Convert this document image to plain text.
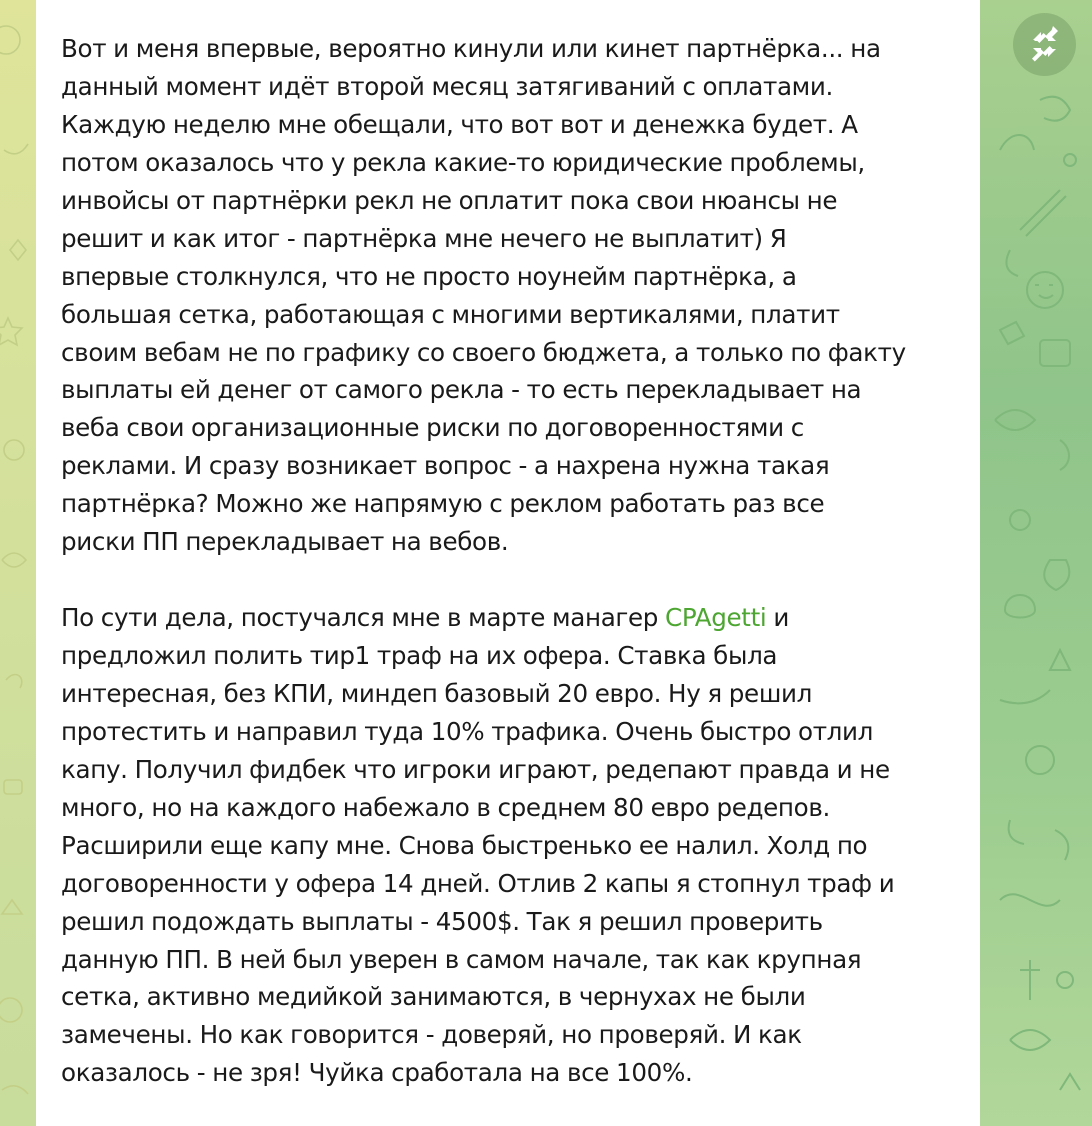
Вот и меня впервые, вероятно кинули или кинет партнёрка... на
данный момент идёт второй месяц затягиваний с оплатами.
Каждую неделю мне обещали, что вот вот и денежка будет. А
потом оказалось что у рекла какие-то юридические проблемы,
инвойсы от партнёрки рекл не оплатит пока свои нюансы не
решит и как итог - партнёрка мне нечего не выплатит) Я
впервые столкнулся, что не просто ноунейм партнёрка, а
большая сетка, работающая с многими вертикалями, платит
своим вебам не по графику со своего бюджета, а только по факту
выплаты ей денег от самого рекла - то есть перекладывает на
веба свои организационные риски по договоренностями с
реклами. И сразу возникает вопрос - а нахрена нужна такая
партнёрка? Можно же напрямую с реклом работать раз все
риски ПП перекладывает на вебов.
По сути дела, постучался мне в марте манагер CPAgetti и
предложил полить тир1 траф на их офера. Ставка была
интересная, без КПИ, миндеп базовый 20 евро. Ну я решил
протестить и направил туда 10% трафика. Очень быстро отлил
капу. Получил фидбек что игроки играют, редепают правда и не
много, но на каждого набежало в среднем 80 евро редепов.
Расширили еще капу мне. Снова быстренько ее налил. Холд по
договоренности у офера 14 дней. Отлив 2 капы я стопнул траф и
решил подождать выплаты - 4500$. Так я решил проверить
данную ПП. В ней был уверен в самом начале, так как крупная
сетка, активно медийкой занимаются, в чернухах не были
замечены. Но как говорится - доверяй, но проверяй. И как
оказалось - не зря! Чуйка сработала на все 100%.
